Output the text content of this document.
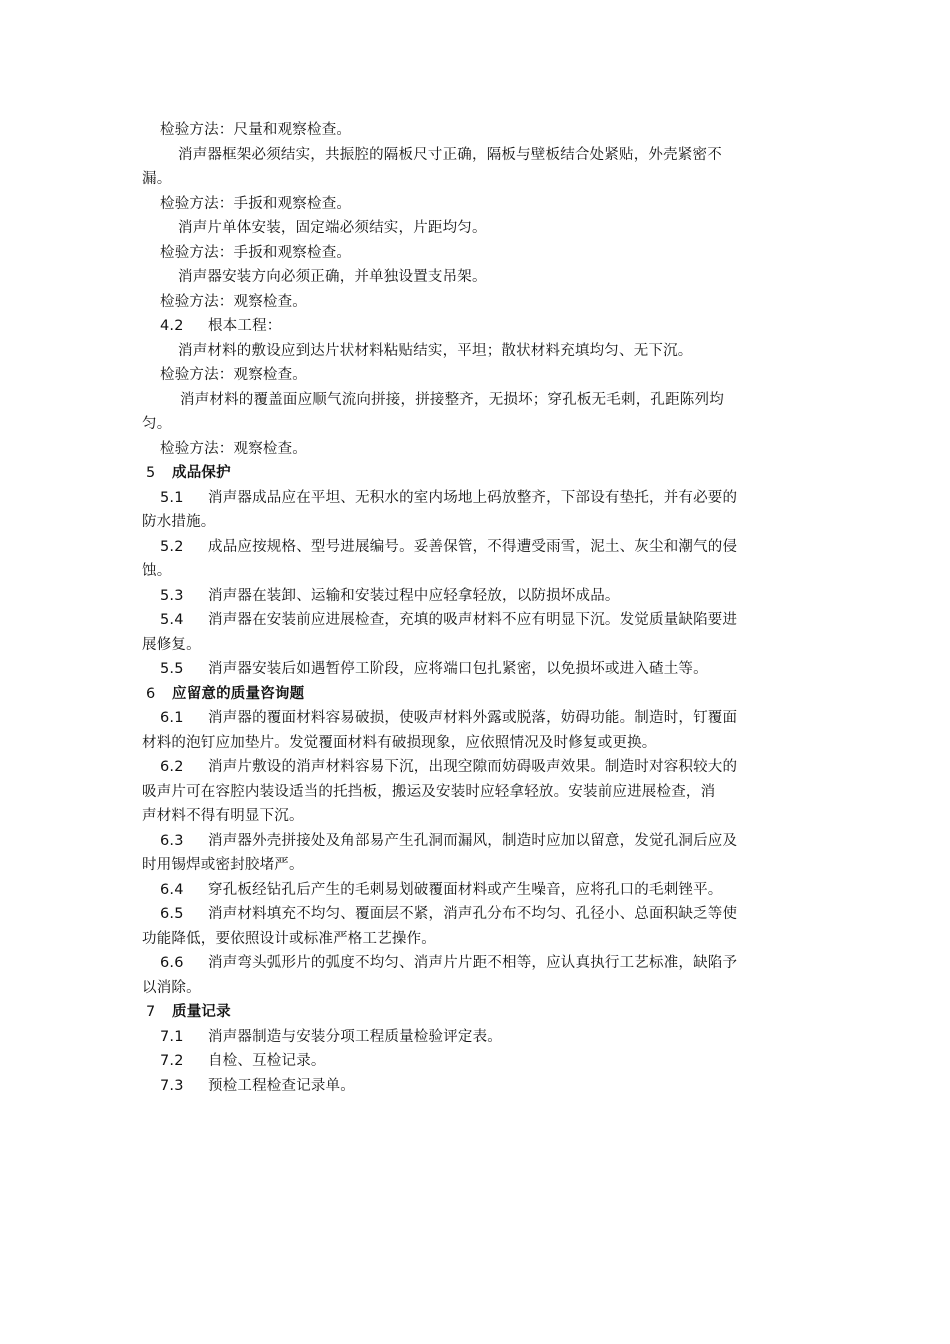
检验方法：尺量和观察检查。
消声器框架必须结实，共振腔的隔板尺寸正确，隔板与壁板结合处紧贴，外壳紧密不
漏。
检验方法：手扳和观察检查。
消声片单体安装，固定端必须结实，片距均匀。
检验方法：手扳和观察检查。
消声器安装方向必须正确，并单独设置支吊架。
检验方法：观察检查。
4.2 根本工程：
消声材料的敷设应到达片状材料粘贴结实，平坦；散状材料充填均匀、无下沉。
检验方法：观察检查。
消声材料的覆盖面应顺气流向拼接，拼接整齐，无损坏；穿孔板无毛刺，孔距陈列均
匀。
检验方法：观察检查。
5 成品保护
5.1 消声器成品应在平坦、无积水的室内场地上码放整齐，下部设有垫托，并有必要的
防水措施。
5.2 成品应按规格、型号进展编号。妥善保管，不得遭受雨雪，泥土、灰尘和潮气的侵
蚀。
5.3 消声器在装卸、运输和安装过程中应轻拿轻放，以防损坏成品。
5.4 消声器在安装前应进展检查，充填的吸声材料不应有明显下沉。发觉质量缺陷要进
展修复。
5.5 消声器安装后如遇暂停工阶段，应将端口包扎紧密，以免损坏或进入碴土等。
6 应留意的质量咨询题
6.1 消声器的覆面材料容易破损，使吸声材料外露或脱落，妨碍功能。制造时，钉覆面
材料的泡钉应加垫片。发觉覆面材料有破损现象，应依照情况及时修复或更换。
6.2 消声片敷设的消声材料容易下沉，出现空隙而妨碍吸声效果。制造时对容积较大的
吸声片可在容腔内装设适当的托挡板，搬运及安装时应轻拿轻放。安装前应进展检查，消
声材料不得有明显下沉。
6.3 消声器外壳拼接处及角部易产生孔洞而漏风，制造时应加以留意，发觉孔洞后应及
时用锡焊或密封胶堵严。
6.4 穿孔板经钻孔后产生的毛刺易划破覆面材料或产生噪音，应将孔口的毛刺锉平。
6.5 消声材料填充不均匀、覆面层不紧，消声孔分布不均匀、孔径小、总面积缺乏等使
功能降低，要依照设计或标准严格工艺操作。
6.6 消声弯头弧形片的弧度不均匀、消声片片距不相等，应认真执行工艺标准，缺陷予
以消除。
7 质量记录
7.1 消声器制造与安装分项工程质量检验评定表。
7.2 自检、互检记录。
7.3 预检工程检查记录单。
